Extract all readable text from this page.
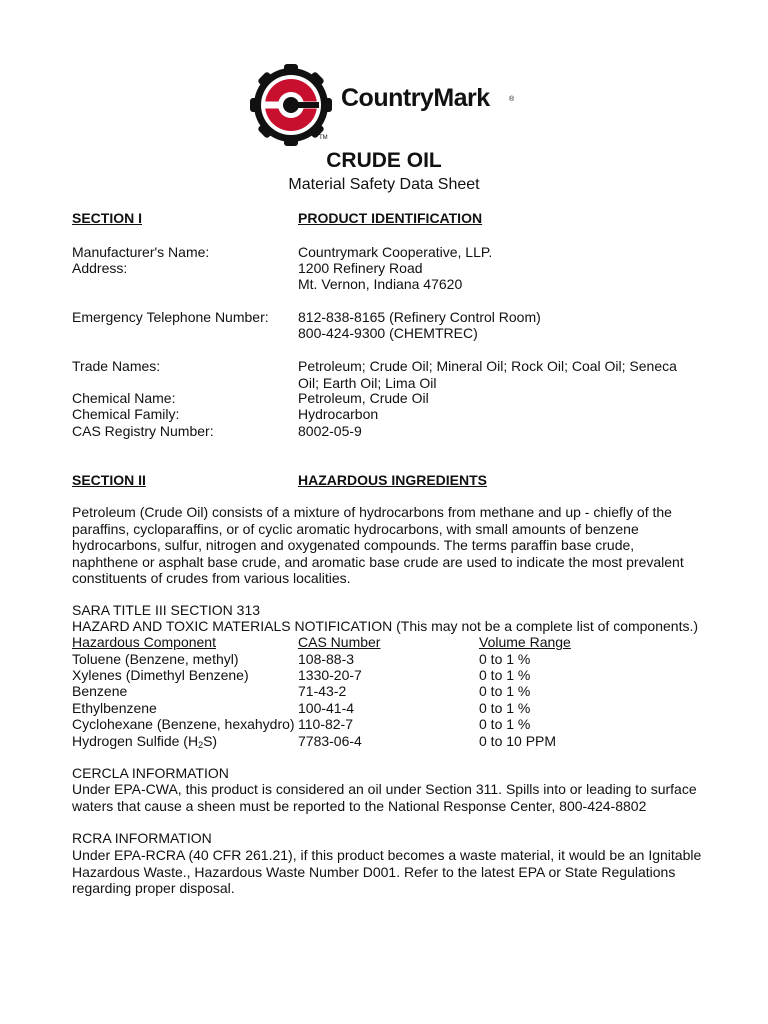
CountryMark	®
TM
CRUDE OIL
Material Safety Data Sheet
SECTION I	PRODUCT IDENTIFICATION
Manufacturer's Name:	Countrymark Cooperative, LLP.
Address:	1200 Refinery Road
Mt. Vernon, Indiana 47620
Emergency Telephone Number: 812-838-8165 (Refinery Control Room)
800-424-9300 (CHEMTREC)
Trade Names:	Petroleum; Crude Oil; Mineral Oil; Rock Oil; Coal Oil; Seneca Oil; Earth Oil; Lima Oil
Chemical Name:	Petroleum, Crude Oil
Chemical Family:	Hydrocarbon
CAS Registry Number:	8002-05-9
SECTION II	HAZARDOUS INGREDIENTS
Petroleum (Crude Oil) consists of a mixture of hydrocarbons from methane and up - chiefly of the paraffins, cycloparaffins, or of cyclic aromatic hydrocarbons, with small amounts of benzene hydrocarbons, sulfur, nitrogen and oxygenated compounds. The terms paraffin base crude, naphthene or asphalt base crude, and aromatic base crude are used to indicate the most prevalent constituents of crudes from various localities.
SARA TITLE III SECTION 313
HAZARD AND TOXIC MATERIALS NOTIFICATION (This may not be a complete list of components.)
Hazardous Component	CAS Number	Volume Range
Toluene (Benzene, methyl)	108-88-3	0 to 1 %
Xylenes (Dimethyl Benzene)	1330-20-7	0 to 1 %
Benzene	71-43-2	0 to 1 %
Ethylbenzene	100-41-4	0 to 1 %
Cyclohexane (Benzene, hexahydro) 110-82-7	0 to 1 %
Hydrogen Sulfide $(H_2S)$	7783-06-4	0 to 10 PPM
CERCLA INFORMATION
Under EPA-CWA, this product is considered an oil under Section 311. Spills into or leading to surface waters that cause a sheen must be reported to the National Response Center, 800-424-8802
RCRA INFORMATION
Under EPA-RCRA (40 CFR 261.21), if this product becomes a waste material, it would be an Ignitable Hazardous Waste., Hazardous Waste Number D001. Refer to the latest EPA or State Regulations regarding proper disposal.
